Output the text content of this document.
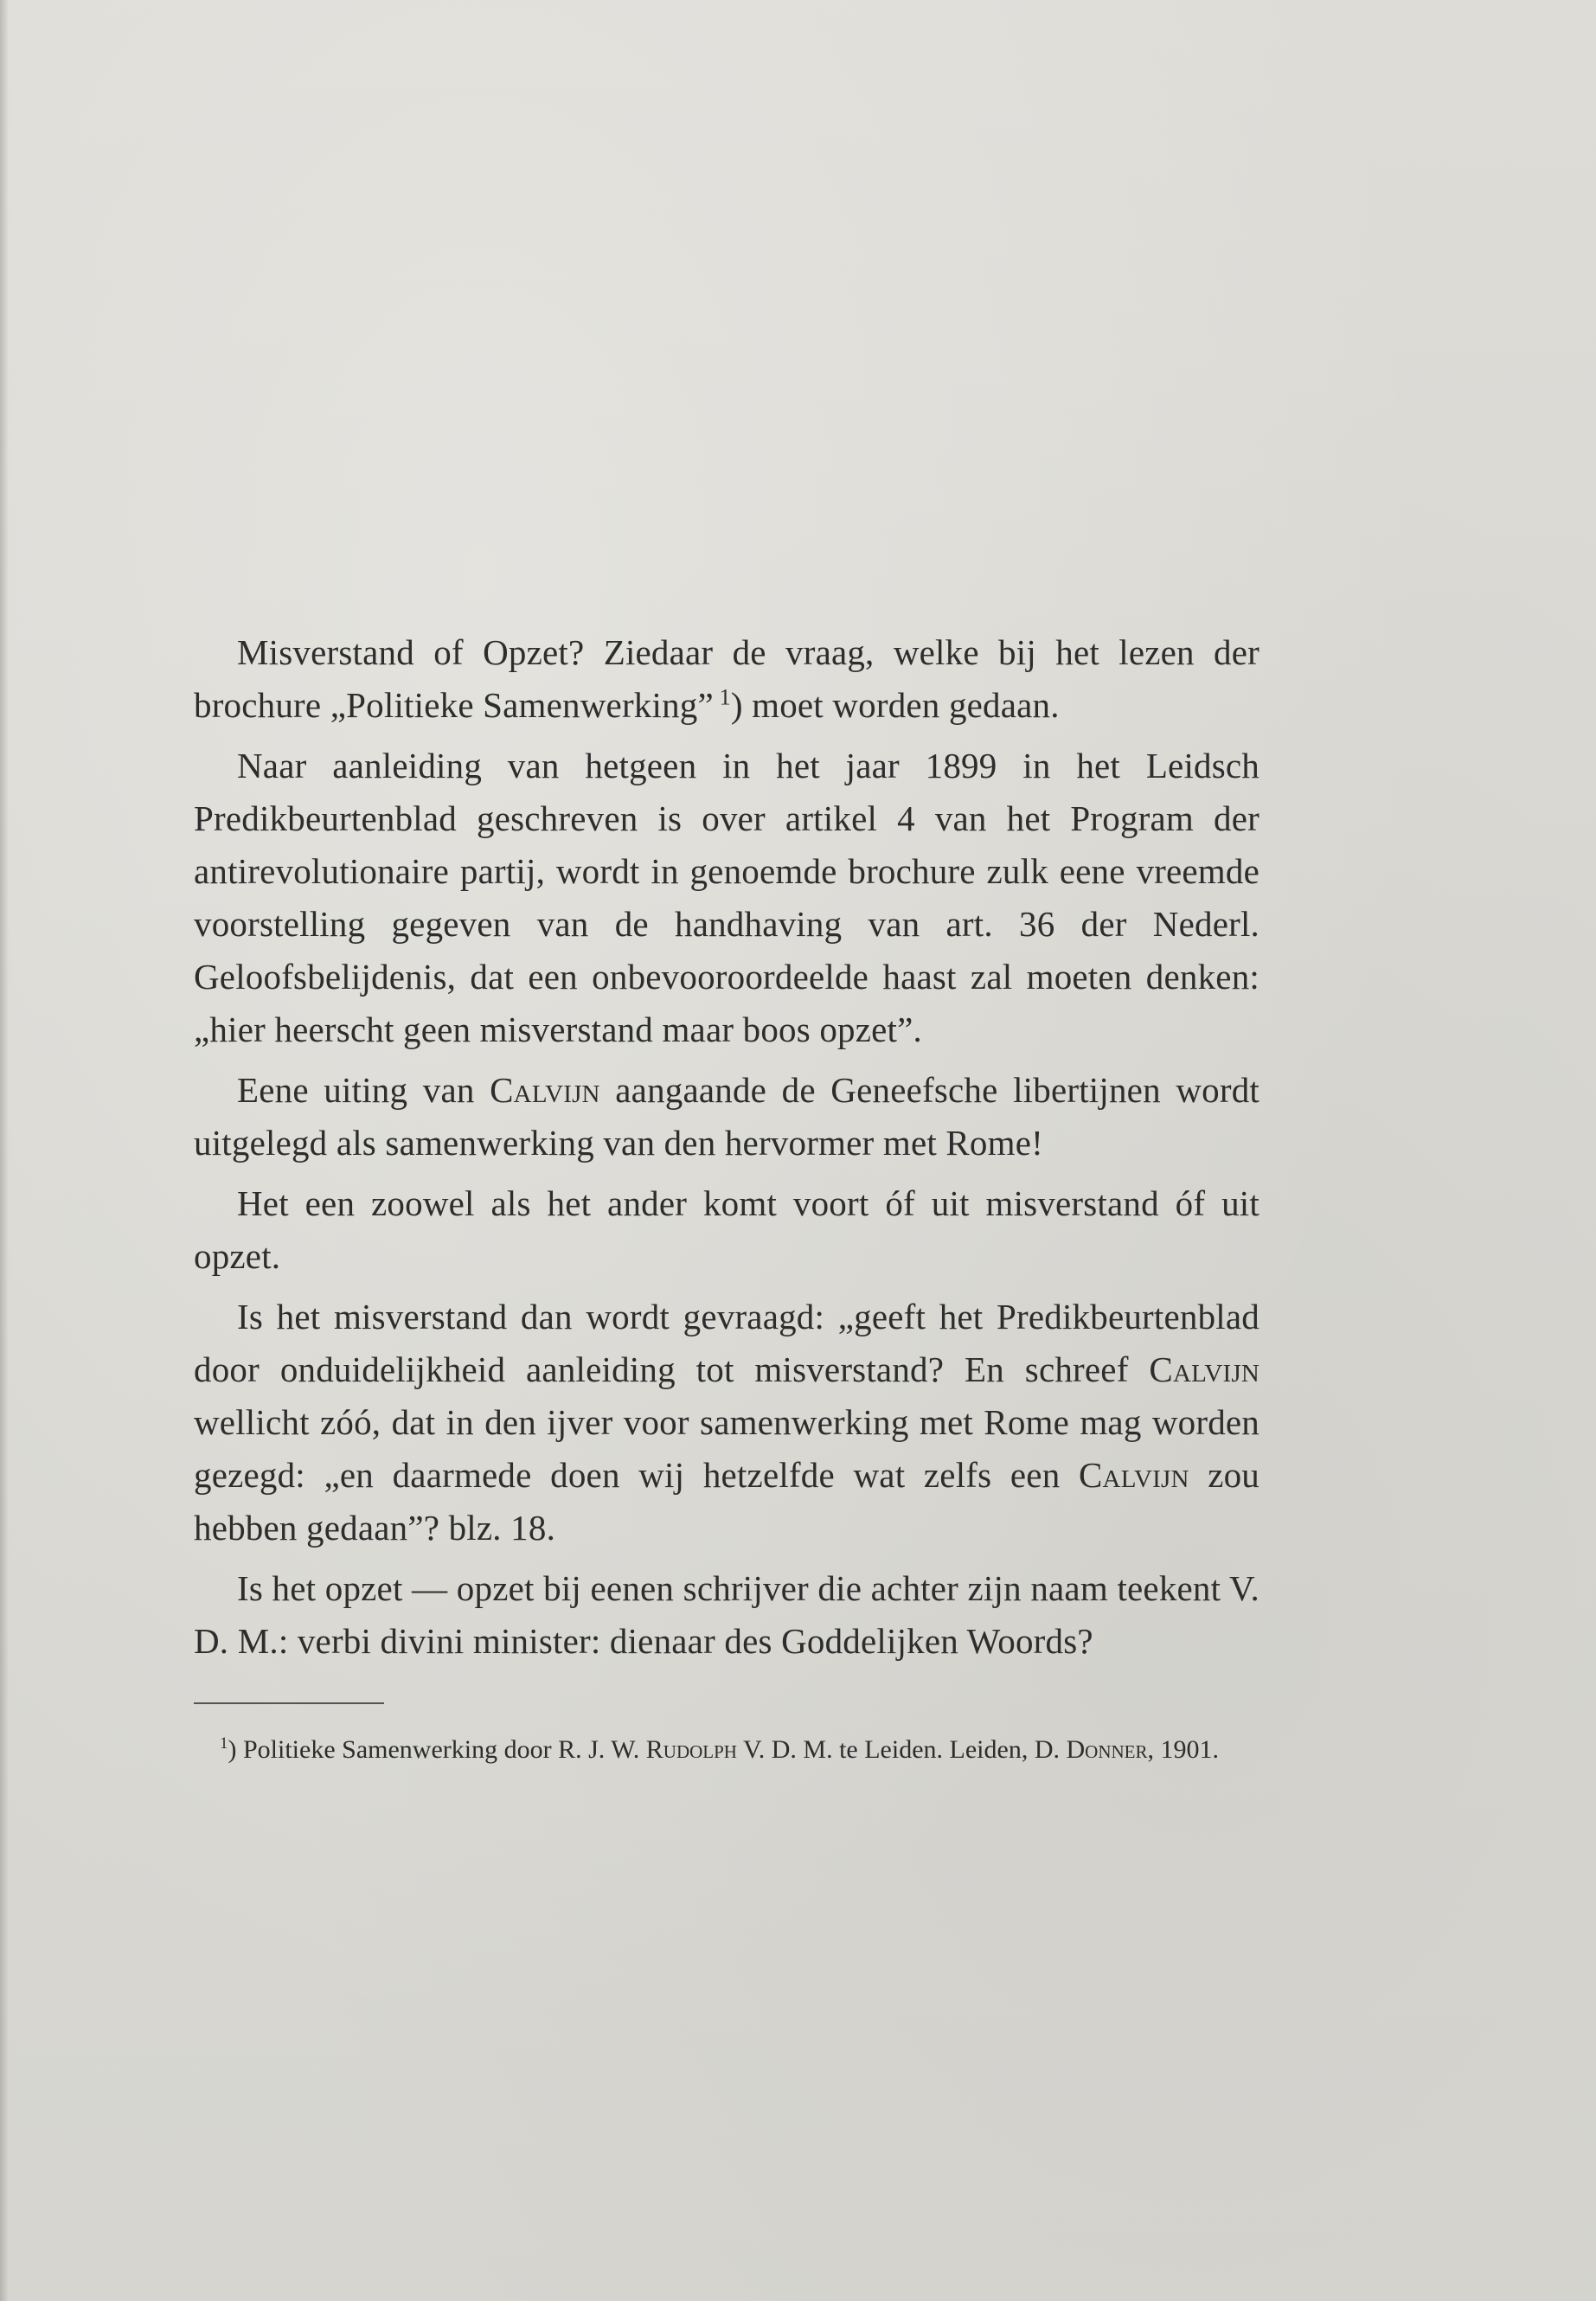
Misverstand of Opzet? Ziedaar de vraag, welke bij het lezen der brochure „Politieke Samenwerking” $^1$) moet worden gedaan.

Naar aanleiding van hetgeen in het jaar 1899 in het Leidsch Predikbeurtenblad geschreven is over artikel 4 van het Program der antirevolutionaire partij, wordt in genoemde brochure zulk eene vreemde voorstelling gegeven van de handhaving van art. 36 der Nederl. Geloofsbelijdenis, dat een onbevooroordeelde haast zal moeten denken: „hier heerscht geen misverstand maar boos opzet”.

Eene uiting van Calvijn aangaande de Geneefsche libertijnen wordt uitgelegd als samenwerking van den hervormer met Rome!

Het een zoowel als het ander komt voort óf uit misverstand óf uit opzet.

Is het misverstand dan wordt gevraagd: „geeft het Predikbeurtenblad door onduidelijkheid aanleiding tot misverstand? En schreef Calvijn wellicht zóó, dat in den ijver voor samenwerking met Rome mag worden gezegd: „en daarmede doen wij hetzelfde wat zelfs een Calvijn zou hebben gedaan”? blz. 18.

Is het opzet — opzet bij eenen schrijver die achter zijn naam teekent V. D. M.: verbi divini minister: dienaar des Goddelijken Woords?

$^1$) Politieke Samenwerking door R. J. W. Rudolph V. D. M. te Leiden. Leiden, D. Donner, 1901.
